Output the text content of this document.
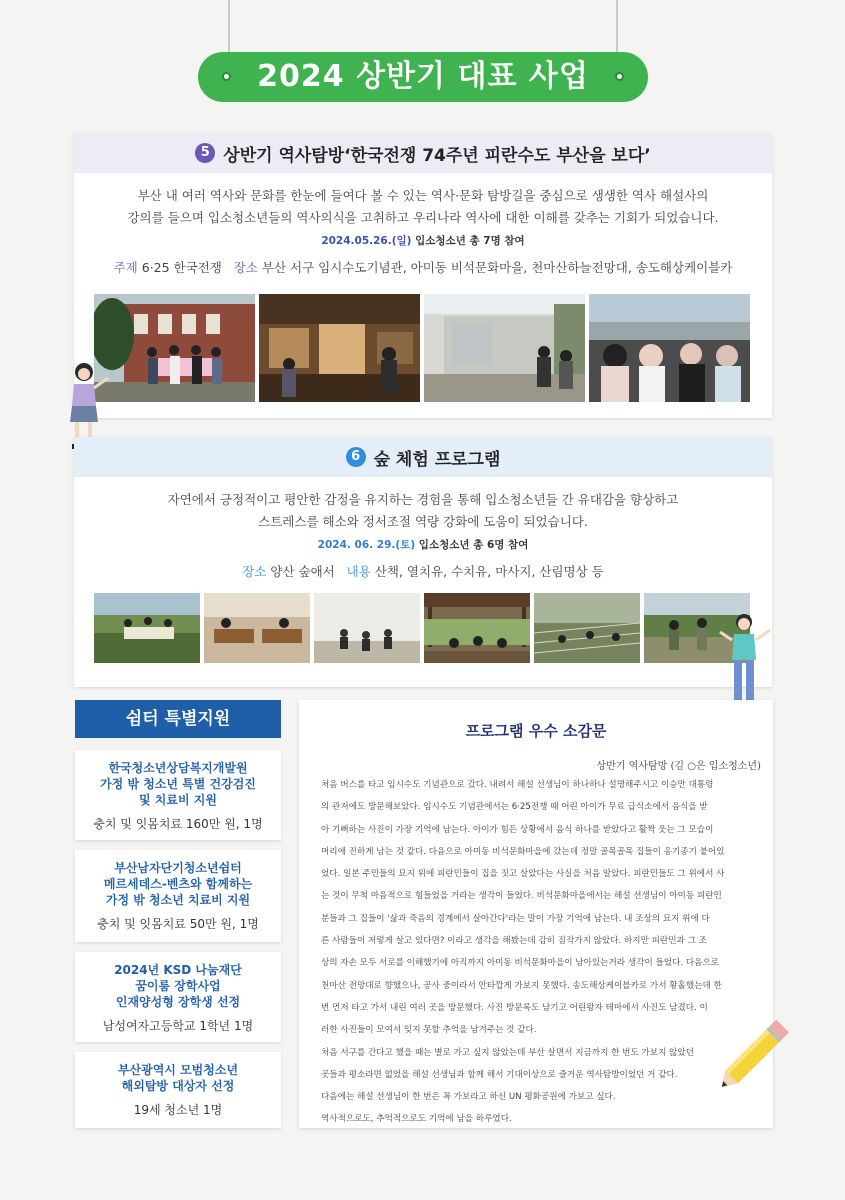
2024 상반기 대표 사업
5 상반기 역사탐방 ‘한국전쟁 74주년 피란수도 부산을 보다’
부산 내 여러 역사와 문화를 한눈에 들여다 볼 수 있는 역사·문화 탐방길을 중심으로 생생한 역사 해설사의
강의를 들으며 입소청소년들의 역사의식을 고취하고 우리나라 역사에 대한 이해를 갖추는 기회가 되었습니다.
2024.05.26.(일) 입소청소년 총 7명 참여
주제 6·25 한국전쟁 장소 부산 서구 임시수도기념관, 아미동 비석문화마을, 천마산하늘전망대, 송도해상케이블카
6 숲 체험 프로그램
자연에서 긍정적이고 평안한 감정을 유지하는 경험을 통해 입소청소년들 간 유대감을 향상하고
스트레스를 해소와 정서조절 역량 강화에 도움이 되었습니다.
2024. 06. 29.(토) 입소청소년 총 6명 참여
장소 양산 숲애서 내용 산책, 열치유, 수치유, 마사지, 산림명상 등
쉼터 특별지원
한국청소년상담복지개발원
가정 밖 청소년 특별 건강검진
및 치료비 지원
충치 및 잇몸치료 160만 원, 1명
부산남자단기청소년쉼터
메르세데스-벤츠와 함께하는
가정 밖 청소년 치료비 지원
충치 및 잇몸치료 50만 원, 1명
2024년 KSD 나눔재단
꿈이룸 장학사업
인재양성형 장학생 선정
남성여자고등학교 1학년 1명
부산광역시 모범청소년
해외탐방 대상자 선정
19세 청소년 1명
프로그램 우수 소감문
상반기 역사탐방 (김 ○은 입소청소년)

처음 버스를 타고 임시수도 기념관으로 갔다. 내려서 해설 선생님이 하나하나 설명해주시고 이승만 대통령

의 관저에도 방문해보았다. 임시수도 기념관에서는 6·25전쟁 때 어린 아이가 무료 급식소에서 음식을 받

아 기뻐하는 사진이 가장 기억에 남는다. 아이가 힘든 상황에서 음식 하나를 받았다고 활짝 웃는 그 모습이

머리에 진하게 남는 것 같다. 다음으로 아미동 비석문화마을에 갔는데 정말 골목골목 집들이 옹기종기 붙어있

었다. 일본 주민들의 묘지 위에 피란민들이 집을 짓고 살았다는 사실을 처음 알았다. 피란민들도 그 위에서 사

는 것이 무척 마음적으로 힘들었을 거라는 생각이 들었다. 비석문화마을에서는 해설 선생님이 아미동 피란민

분들과 그 집들이 '삶과 죽음의 경계에서 살아간다'라는 말이 가장 기억에 남는다. 내 조상의 묘지 위에 다

른 사람들이 저렇게 살고 있다면? 이라고 생각을 해봤는데 감히 짐작가지 않았다. 하지만 피란민과 그 조

상의 자손 모두 서로를 이해했기에 아직까지 아미동 비석문화마을이 남아있는거라 생각이 들었다. 다음으로

천마산 전망대로 향했으나, 공사 중이라서 안타깝게 가보지 못했다. 송도해상케이블카로 가서 황홀했는데 한

번 먼저 타고 가서 내린 여러 곳을 방문했다. 사진 방문록도 남기고 어린왕자 테마에서 사진도 남겼다. 이

러한 사진들이 모여서 잊지 못할 추억을 남겨주는 것 같다.

처음 서구를 간다고 했을 때는 별로 가고 싶지 않았는데 부산 살면서 지금까지 한 번도 가보지 않았던

곳들과 평소라면 없었을 해설 선생님과 함께 해서 기대이상으로 즐거운 역사탐방이었던 거 같다.

다음에는 해설 선생님이 한 번은 꼭 가보라고 하신 UN 평화공원에 가보고 싶다.

역사적으로도, 추억적으로도 기억에 남을 하루였다.
